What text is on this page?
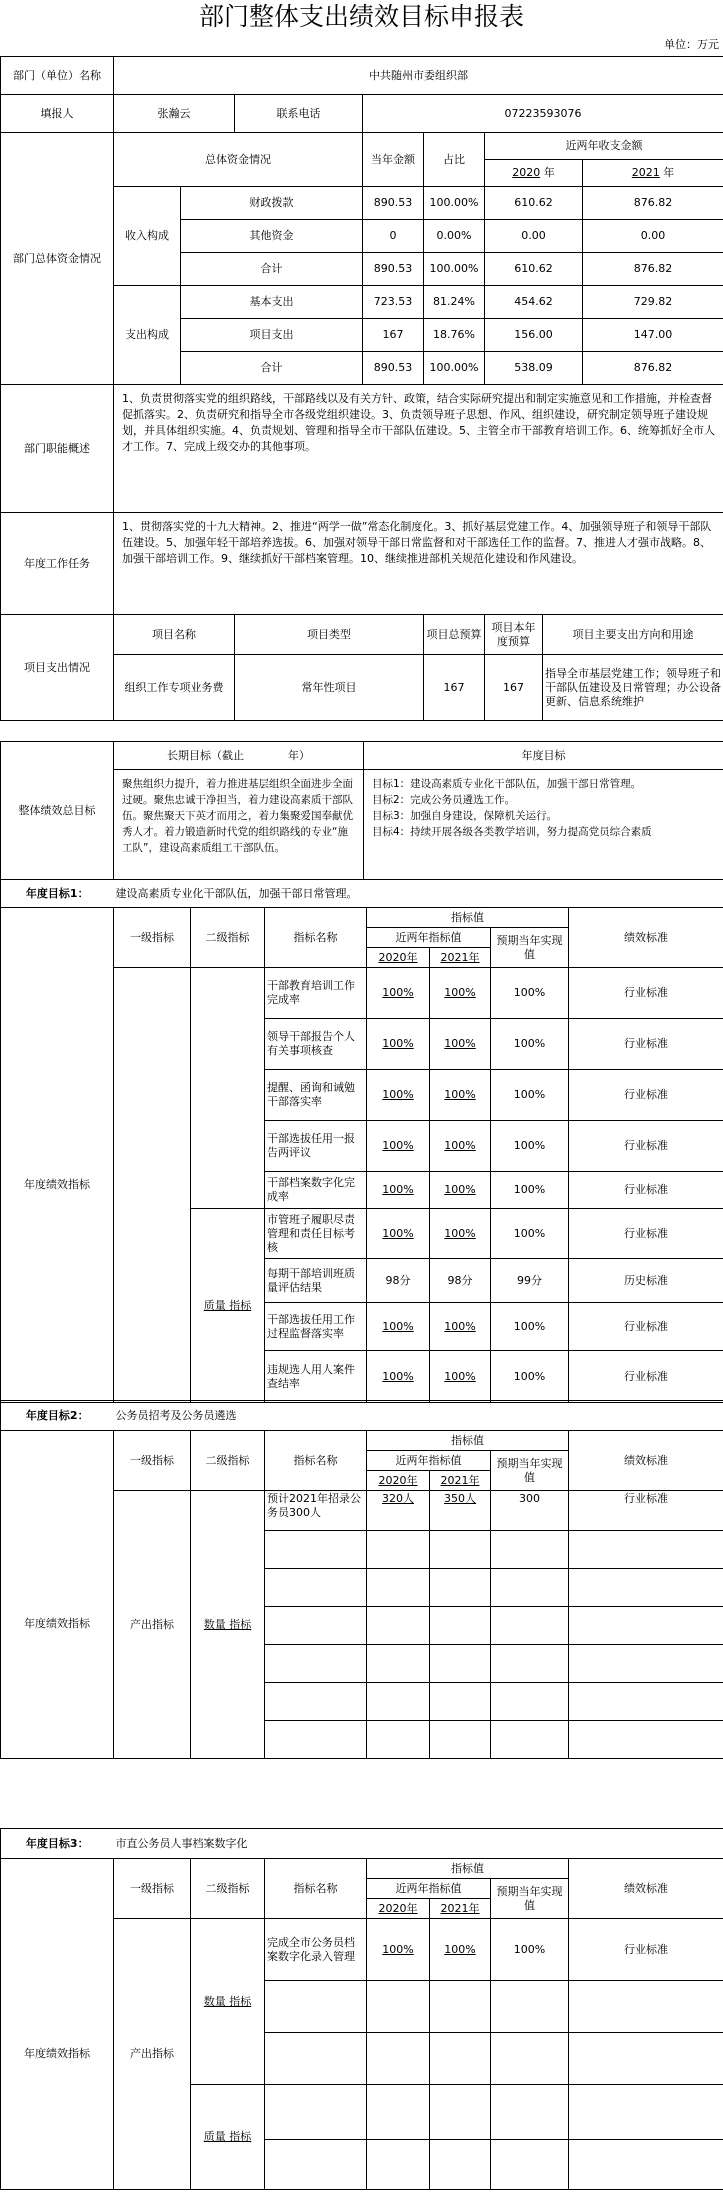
部门整体支出绩效目标申报表
单位：万元
部门（单位）名称	中共随州市委组织部							
填报人	张瀚云		联系电话	07223593076				
部门总体资金情况	总体资金情况			当年金额	占比	近两年收支金额		
						2020 年		2021 年
	收入构成	财政拨款		890.53	100.00%	610.62		876.82
		其他资金		0	0.00%	0.00		0.00
		合计		890.53	100.00%	610.62		876.82
	支出构成	基本支出		723.53	81.24%	454.62		729.82
		项目支出		167	18.76%	156.00		147.00
		合计		890.53	100.00%	538.09		876.82
部门职能概述	1、负责贯彻落实党的组织路线，干部路线以及有关方针、政策，结合实际研究提出和制定实施意见和工作措施，并检查督促抓落实。2、负责研究和指导全市各级党组织建设。3、负责领导班子思想、作风、组织建设，研究制定领导班子建设规划，并具体组织实施。4、负责规划、管理和指导全市干部队伍建设。5、主管全市干部教育培训工作。6、统筹抓好全市人才工作。7、完成上级交办的其他事项。							
年度工作任务	1、贯彻落实党的十九大精神。2、推进“两学一做”常态化制度化。3、抓好基层党建工作。4、加强领导班子和领导干部队伍建设。5、加强年轻干部培养选拔。6、加强对领导干部日常监督和对干部选任工作的监督。7、推进人才强市战略。8、加强干部培训工作。9、继续抓好干部档案管理。10、继续推进部机关规范化建设和作风建设。							
项目支出情况	项目名称		项目类型		项目总预算	项目本年度预算	项目主要支出方向和用途	
	组织工作专项业务费		常年性项目		167	167	指导全市基层党建工作；领导班子和干部队伍建设及日常管理；办公设备更新、信息系统维护	
整体绩效总目标	长期目标（截止　　　　年）	年度目标
	聚焦组织力提升，着力推进基层组织全面进步全面过硬。聚焦忠诚干净担当，着力建设高素质干部队伍。聚焦聚天下英才而用之，着力集聚爱国奉献优秀人才。着力锻造新时代党的组织路线的专业“施工队”，建设高素质组工干部队伍。	目标1：建设高素质专业化干部队伍，加强干部日常管理。
目标2：完成公务员遴选工作。
目标3：加强自身建设，保障机关运行。
目标4：持续开展各级各类教学培训，努力提高党员综合素质
年度目标1：	建设高素质专业化干部队伍，加强干部日常管理。						
	一级指标	二级指标	指标名称	指标值			绩效标准
				近两年指标值		预期当年实现值	
				2020年	2021年		
年度绩效指标			干部教育培训工作完成率	100%	100%	100%	行业标准
			领导干部报告个人有关事项核查	100%	100%	100%	行业标准
			提醒、函询和诫勉干部落实率	100%	100%	100%	行业标准
			干部选拔任用一报告两评议	100%	100%	100%	行业标准
			干部档案数字化完成率	100%	100%	100%	行业标准
		质量 指标	市管班子履职尽责管理和责任目标考核	100%	100%	100%	行业标准
			每期干部培训班质量评估结果	98分	98分	99分	历史标准
			干部选拔任用工作过程监督落实率	100%	100%	100%	行业标准
			违规选人用人案件查结率	100%	100%	100%	行业标准
年度目标2：	公务员招考及公务员遴选						
	一级指标	二级指标	指标名称	指标值			绩效标准
				近两年指标值		预期当年实现值	
				2020年	2021年		
年度绩效指标	产出指标	数量 指标	预计2021年招录公务员300人	320人	350人	300	行业标准

年度目标3：	市直公务员人事档案数字化						
	一级指标	二级指标	指标名称	指标值			绩效标准
				近两年指标值		预期当年实现值	
				2020年	2021年		
年度绩效指标	产出指标	数量 指标	完成全市公务员档案数字化录入管理	100%	100%	100%	行业标准

		质量 指标					
